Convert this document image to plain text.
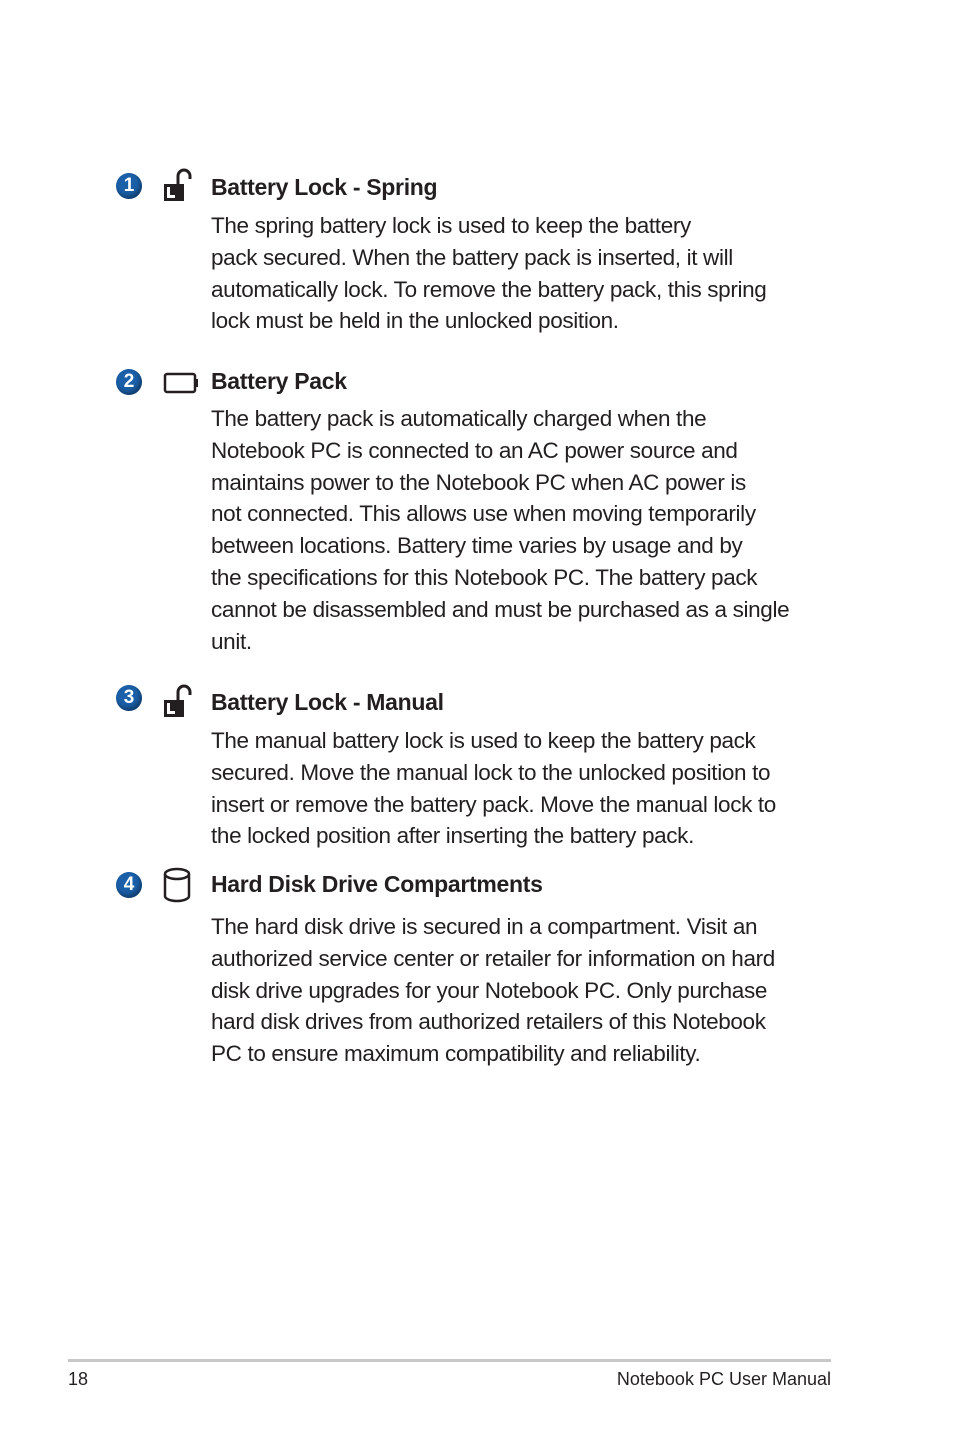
1	Battery Lock - Spring

The spring battery lock is used to keep the battery

pack secured. When the battery pack is inserted, it will

automatically lock. To remove the battery pack, this spring

lock must be held in the unlocked position.

2	Battery Pack

The battery pack is automatically charged when the

Notebook PC is connected to an AC power source and

maintains power to the Notebook PC when AC power is

not connected. This allows use when moving temporarily

between locations. Battery time varies by usage and by

the specifications for this Notebook PC. The battery pack

cannot be disassembled and must be purchased as a single

unit.

3	Battery Lock - Manual

The manual battery lock is used to keep the battery pack

secured. Move the manual lock to the unlocked position to

insert or remove the battery pack. Move the manual lock to

the locked position after inserting the battery pack.

4	Hard Disk Drive Compartments

The hard disk drive is secured in a compartment. Visit an

authorized service center or retailer for information on hard

disk drive upgrades for your Notebook PC. Only purchase

hard disk drives from authorized retailers of this Notebook

PC to ensure maximum compatibility and reliability.

18	Notebook PC User Manual
